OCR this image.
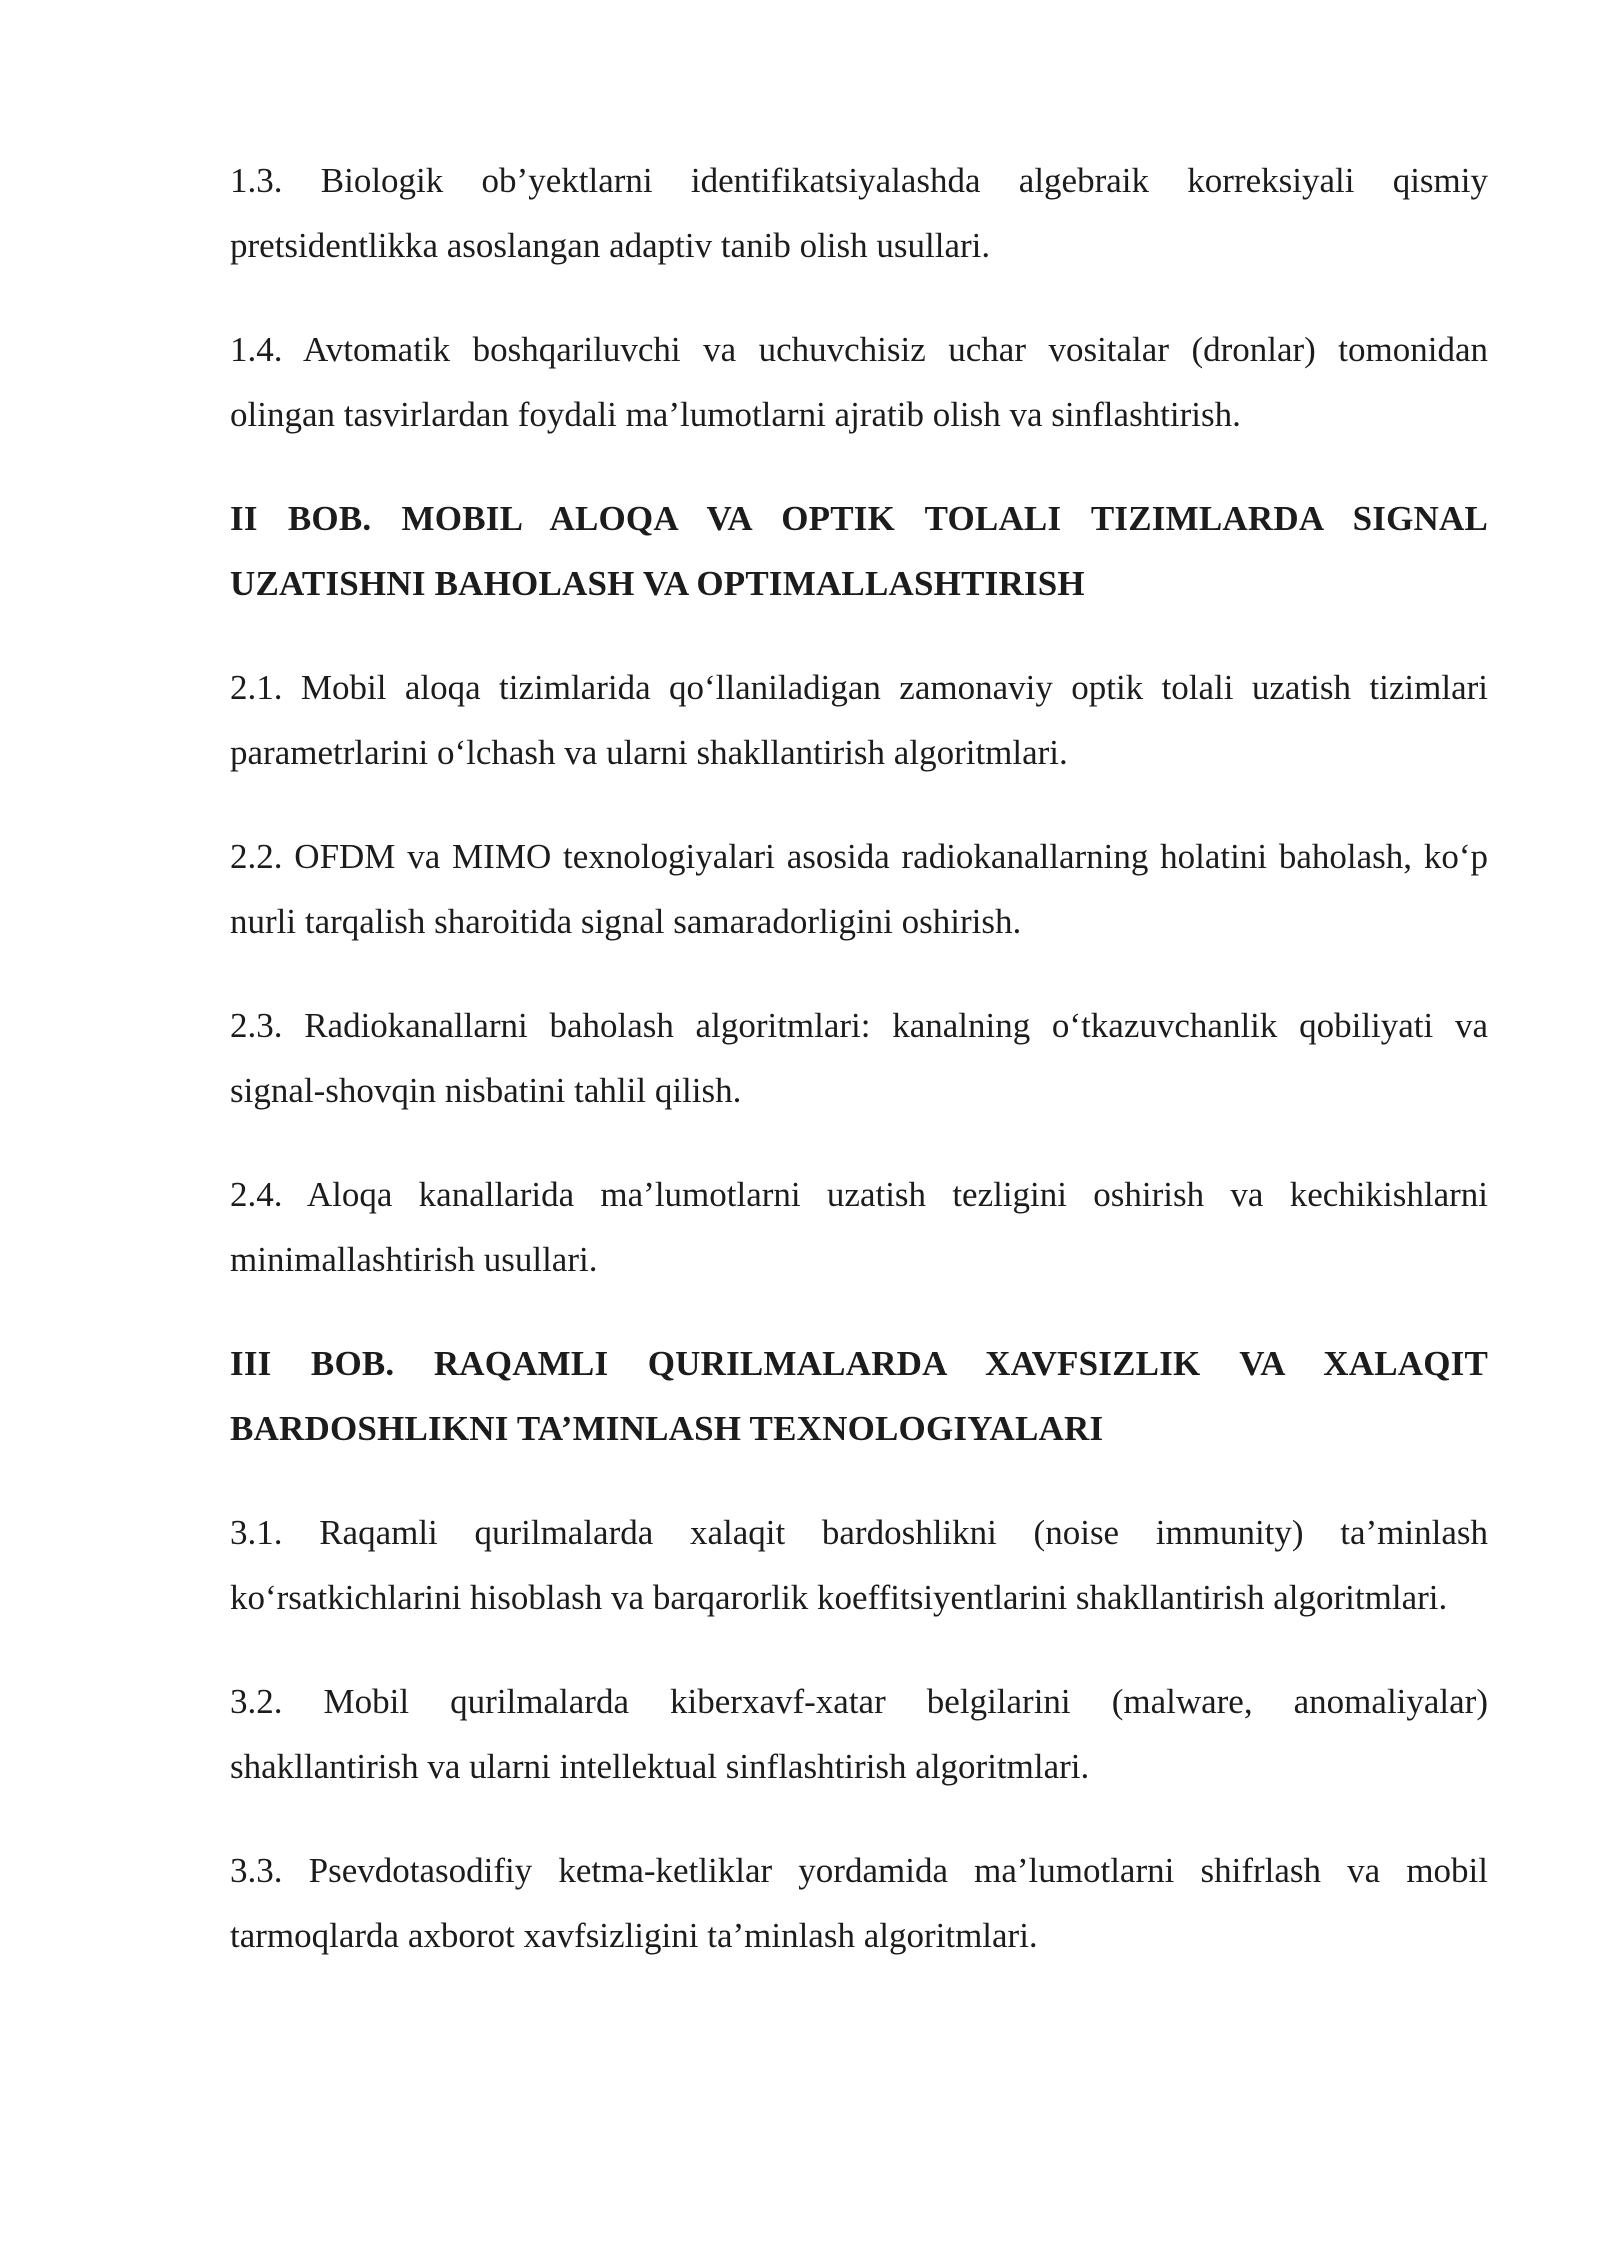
1.3. Biologik ob’yektlarni identifikatsiyalashda algebraik korreksiyali qismiy pretsidentlikka asoslangan adaptiv tanib olish usullari.

1.4. Avtomatik boshqariluvchi va uchuvchisiz uchar vositalar (dronlar) tomonidan olingan tasvirlardan foydali ma’lumotlarni ajratib olish va sinflashtirish.

II BOB. MOBIL ALOQA VA OPTIK TOLALI TIZIMLARDA SIGNAL UZATISHNI BAHOLASH VA OPTIMALLASHTIRISH

2.1. Mobil aloqa tizimlarida qo‘llaniladigan zamonaviy optik tolali uzatish tizimlari parametrlarini o‘lchash va ularni shakllantirish algoritmlari.

2.2. OFDM va MIMO texnologiyalari asosida radiokanallarning holatini baholash, ko‘p nurli tarqalish sharoitida signal samaradorligini oshirish.

2.3. Radiokanallarni baholash algoritmlari: kanalning o‘tkazuvchanlik qobiliyati va signal-shovqin nisbatini tahlil qilish.

2.4. Aloqa kanallarida ma’lumotlarni uzatish tezligini oshirish va kechikishlarni minimallashtirish usullari.

III BOB. RAQAMLI QURILMALARDA XAVFSIZLIK VA XALAQIT BARDOSHLIKNI TA’MINLASH TEXNOLOGIYALARI

3.1. Raqamli qurilmalarda xalaqit bardoshlikni (noise immunity) ta’minlash ko‘rsatkichlarini hisoblash va barqarorlik koeffitsiyentlarini shakllantirish algoritmlari.

3.2. Mobil qurilmalarda kiberxavf-xatar belgilarini (malware, anomaliyalar) shakllantirish va ularni intellektual sinflashtirish algoritmlari.

3.3. Psevdotasodifiy ketma-ketliklar yordamida ma’lumotlarni shifrlash va mobil tarmoqlarda axborot xavfsizligini ta’minlash algoritmlari.
